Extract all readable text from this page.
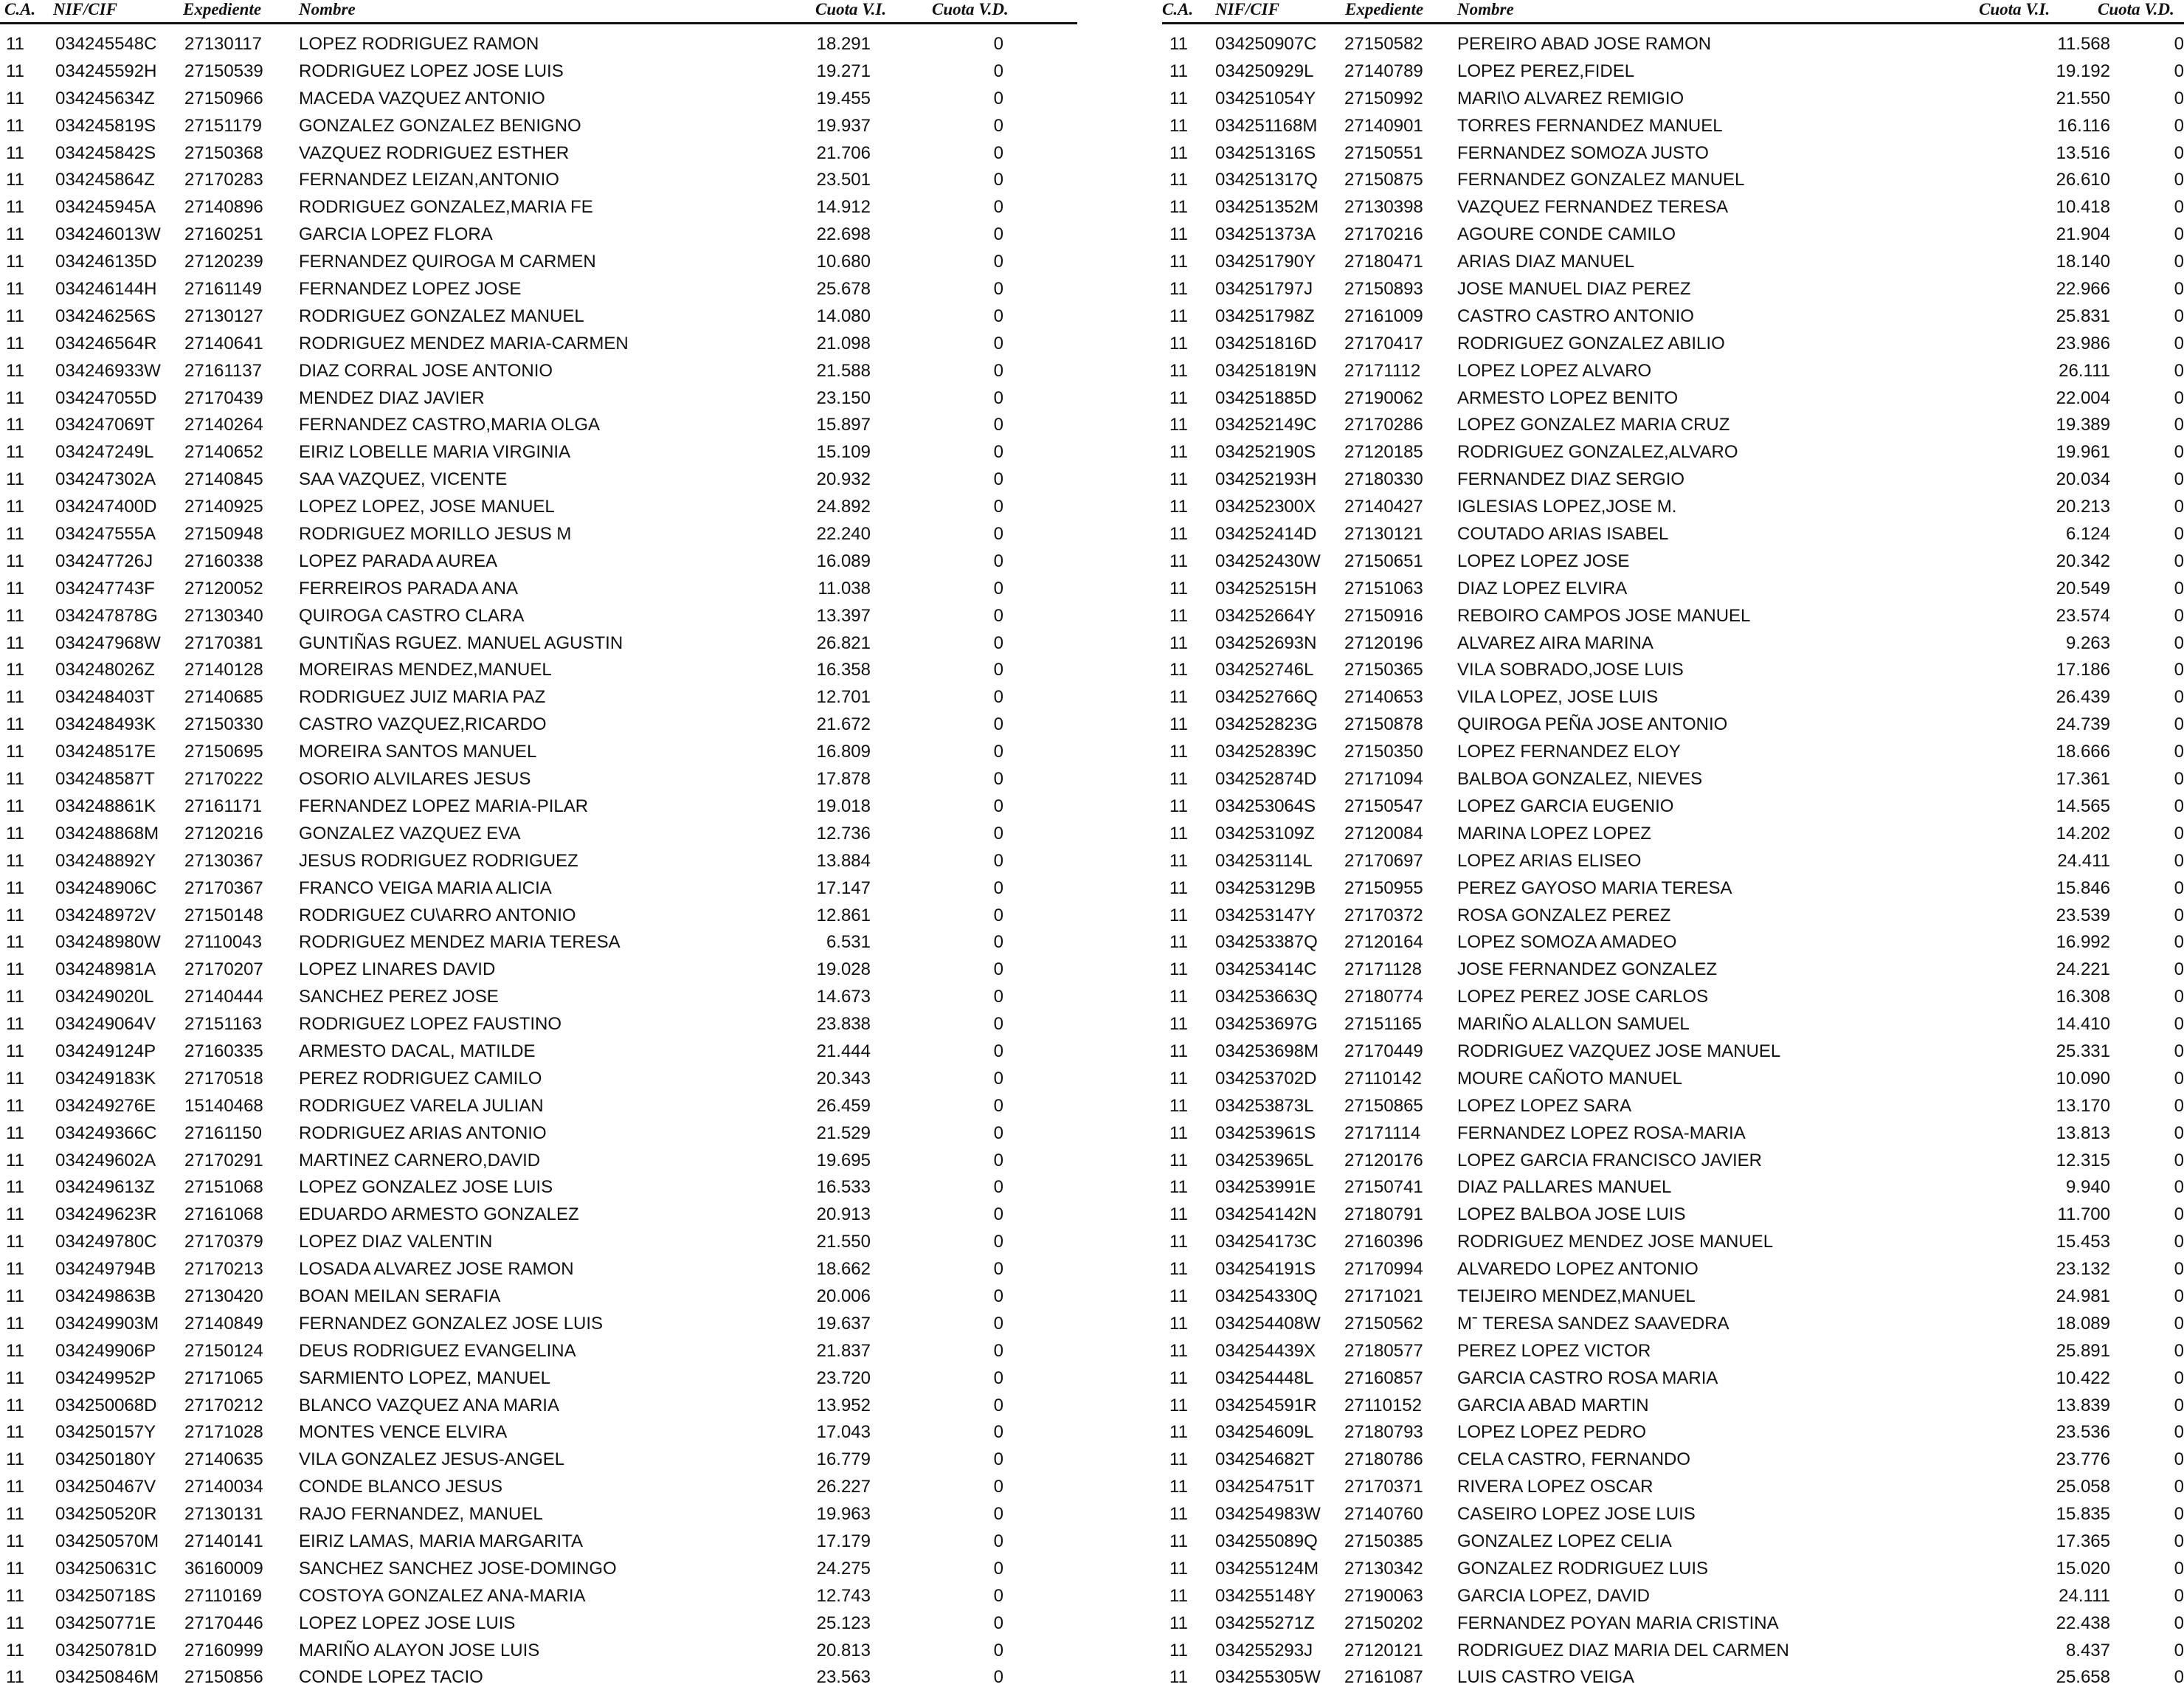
C.A. NIF/CIF	Expediente Nombre	Cuota V.I.	Cuota V.D.
11 034245548C 27130117 LOPEZ RODRIGUEZ RAMON	18.291	0
11 034245592H 27150539 RODRIGUEZ LOPEZ JOSE LUIS	19.271	0
11 034245634Z 27150966 MACEDA VAZQUEZ ANTONIO	19.455	0
11 034245819S 27151179 GONZALEZ GONZALEZ BENIGNO	19.937	0
11 034245842S 27150368 VAZQUEZ RODRIGUEZ ESTHER	21.706	0
11 034245864Z 27170283 FERNANDEZ LEIZAN,ANTONIO	23.501	0
11 034245945A 27140896 RODRIGUEZ GONZALEZ,MARIA FE	14.912	0
11 034246013W 27160251 GARCIA LOPEZ FLORA	22.698	0
11 034246135D 27120239 FERNANDEZ QUIROGA M CARMEN	10.680	0
11 034246144H 27161149 FERNANDEZ LOPEZ JOSE	25.678	0
11 034246256S 27130127 RODRIGUEZ GONZALEZ MANUEL	14.080	0
11 034246564R 27140641 RODRIGUEZ MENDEZ MARIA-CARMEN	21.098	0
11 034246933W 27161137 DIAZ CORRAL JOSE ANTONIO	21.588	0
11 034247055D 27170439 MENDEZ DIAZ JAVIER	23.150	0
11 034247069T 27140264 FERNANDEZ CASTRO,MARIA OLGA	15.897	0
11 034247249L 27140652 EIRIZ LOBELLE MARIA VIRGINIA	15.109	0
11 034247302A 27140845 SAA VAZQUEZ, VICENTE	20.932	0
11 034247400D 27140925 LOPEZ LOPEZ, JOSE MANUEL	24.892	0
11 034247555A 27150948 RODRIGUEZ MORILLO JESUS M	22.240	0
11 034247726J 27160338 LOPEZ PARADA AUREA	16.089	0
11 034247743F 27120052 FERREIROS PARADA ANA	11.038	0
11 034247878G 27130340 QUIROGA CASTRO CLARA	13.397	0
11 034247968W 27170381 GUNTIÑAS RGUEZ. MANUEL AGUSTIN	26.821	0
11 034248026Z 27140128 MOREIRAS MENDEZ,MANUEL	16.358	0
11 034248403T 27140685 RODRIGUEZ JUIZ MARIA PAZ	12.701	0
11 034248493K 27150330 CASTRO VAZQUEZ,RICARDO	21.672	0
11 034248517E 27150695 MOREIRA SANTOS MANUEL	16.809	0
11 034248587T 27170222 OSORIO ALVILARES JESUS	17.878	0
11 034248861K 27161171 FERNANDEZ LOPEZ MARIA-PILAR	19.018	0
11 034248868M 27120216 GONZALEZ VAZQUEZ EVA	12.736	0
11 034248892Y 27130367 JESUS RODRIGUEZ RODRIGUEZ	13.884	0
11 034248906C 27170367 FRANCO VEIGA MARIA ALICIA	17.147	0
11 034248972V 27150148 RODRIGUEZ CU\ARRO ANTONIO	12.861	0
11 034248980W 27110043 RODRIGUEZ MENDEZ MARIA TERESA	6.531	0
11 034248981A 27170207 LOPEZ LINARES DAVID	19.028	0
11 034249020L 27140444 SANCHEZ PEREZ JOSE	14.673	0
11 034249064V 27151163 RODRIGUEZ LOPEZ FAUSTINO	23.838	0
11 034249124P 27160335 ARMESTO DACAL, MATILDE	21.444	0
11 034249183K 27170518 PEREZ RODRIGUEZ CAMILO	20.343	0
11 034249276E 15140468 RODRIGUEZ VARELA JULIAN	26.459	0
11 034249366C 27161150 RODRIGUEZ ARIAS ANTONIO	21.529	0
11 034249602A 27170291 MARTINEZ CARNERO,DAVID	19.695	0
11 034249613Z 27151068 LOPEZ GONZALEZ JOSE LUIS	16.533	0
11 034249623R 27161068 EDUARDO ARMESTO GONZALEZ	20.913	0
11 034249780C 27170379 LOPEZ DIAZ VALENTIN	21.550	0
11 034249794B 27170213 LOSADA ALVAREZ JOSE RAMON	18.662	0
11 034249863B 27130420 BOAN MEILAN SERAFIA	20.006	0
11 034249903M 27140849 FERNANDEZ GONZALEZ JOSE LUIS	19.637	0
11 034249906P 27150124 DEUS RODRIGUEZ EVANGELINA	21.837	0
11 034249952P 27171065 SARMIENTO LOPEZ, MANUEL	23.720	0
11 034250068D 27170212 BLANCO VAZQUEZ ANA MARIA	13.952	0
11 034250157Y 27171028 MONTES VENCE ELVIRA	17.043	0
11 034250180Y 27140635 VILA GONZALEZ JESUS-ANGEL	16.779	0
11 034250467V 27140034 CONDE BLANCO JESUS	26.227	0
11 034250520R 27130131 RAJO FERNANDEZ, MANUEL	19.963	0
11 034250570M 27140141 EIRIZ LAMAS, MARIA MARGARITA	17.179	0
11 034250631C 36160009 SANCHEZ SANCHEZ JOSE-DOMINGO	24.275	0
11 034250718S 27110169 COSTOYA GONZALEZ ANA-MARIA	12.743	0
11 034250771E 27170446 LOPEZ LOPEZ JOSE LUIS	25.123	0
11 034250781D 27160999 MARIÑO ALAYON JOSE LUIS	20.813	0
11 034250846M 27150856 CONDE LOPEZ TACIO	23.563	0
C.A. NIF/CIF	Expediente Nombre	Cuota V.I.	Cuota V.D.
11 034250907C 27150582 PEREIRO ABAD JOSE RAMON	11.568	0
11 034250929L 27140789 LOPEZ PEREZ,FIDEL	19.192	0
11 034251054Y 27150992 MARI\O ALVAREZ REMIGIO	21.550	0
11 034251168M 27140901 TORRES FERNANDEZ MANUEL	16.116	0
11 034251316S 27150551 FERNANDEZ SOMOZA JUSTO	13.516	0
11 034251317Q 27150875 FERNANDEZ GONZALEZ MANUEL	26.610	0
11 034251352M 27130398 VAZQUEZ FERNANDEZ TERESA	10.418	0
11 034251373A 27170216 AGOURE CONDE CAMILO	21.904	0
11 034251790Y 27180471 ARIAS DIAZ MANUEL	18.140	0
11 034251797J 27150893 JOSE MANUEL DIAZ PEREZ	22.966	0
11 034251798Z 27161009 CASTRO CASTRO ANTONIO	25.831	0
11 034251816D 27170417 RODRIGUEZ GONZALEZ ABILIO	23.986	0
11 034251819N 27171112 LOPEZ LOPEZ ALVARO	26.111	0
11 034251885D 27190062 ARMESTO LOPEZ BENITO	22.004	0
11 034252149C 27170286 LOPEZ GONZALEZ MARIA CRUZ	19.389	0
11 034252190S 27120185 RODRIGUEZ GONZALEZ,ALVARO	19.961	0
11 034252193H 27180330 FERNANDEZ DIAZ SERGIO	20.034	0
11 034252300X 27140427 IGLESIAS LOPEZ,JOSE M.	20.213	0
11 034252414D 27130121 COUTADO ARIAS ISABEL	6.124	0
11 034252430W 27150651 LOPEZ LOPEZ JOSE	20.342	0
11 034252515H 27151063 DIAZ LOPEZ ELVIRA	20.549	0
11 034252664Y 27150916 REBOIRO CAMPOS JOSE MANUEL	23.574	0
11 034252693N 27120196 ALVAREZ AIRA MARINA	9.263	0
11 034252746L 27150365 VILA SOBRADO,JOSE LUIS	17.186	0
11 034252766Q 27140653 VILA LOPEZ, JOSE LUIS	26.439	0
11 034252823G 27150878 QUIROGA PEÑA JOSE ANTONIO	24.739	0
11 034252839C 27150350 LOPEZ FERNANDEZ ELOY	18.666	0
11 034252874D 27171094 BALBOA GONZALEZ, NIEVES	17.361	0
11 034253064S 27150547 LOPEZ GARCIA EUGENIO	14.565	0
11 034253109Z 27120084 MARINA LOPEZ LOPEZ	14.202	0
11 034253114L 27170697 LOPEZ ARIAS ELISEO	24.411	0
11 034253129B 27150955 PEREZ GAYOSO MARIA TERESA	15.846	0
11 034253147Y 27170372 ROSA GONZALEZ PEREZ	23.539	0
11 034253387Q 27120164 LOPEZ SOMOZA AMADEO	16.992	0
11 034253414C 27171128 JOSE FERNANDEZ GONZALEZ	24.221	0
11 034253663Q 27180774 LOPEZ PEREZ JOSE CARLOS	16.308	0
11 034253697G 27151165 MARIÑO ALALLON SAMUEL	14.410	0
11 034253698M 27170449 RODRIGUEZ VAZQUEZ JOSE MANUEL	25.331	0
11 034253702D 27110142 MOURE CAÑOTO MANUEL	10.090	0
11 034253873L 27150865 LOPEZ LOPEZ SARA	13.170	0
11 034253961S 27171114 FERNANDEZ LOPEZ ROSA-MARIA	13.813	0
11 034253965L 27120176 LOPEZ GARCIA FRANCISCO JAVIER	12.315	0
11 034253991E 27150741 DIAZ PALLARES MANUEL	9.940	0
11 034254142N 27180791 LOPEZ BALBOA JOSE LUIS	11.700	0
11 034254173C 27160396 RODRIGUEZ MENDEZ JOSE MANUEL	15.453	0
11 034254191S 27170994 ALVAREDO LOPEZ ANTONIO	23.132	0
11 034254330Q 27171021 TEIJEIRO MENDEZ,MANUEL	24.981	0
11 034254408W 27150562 Mˉ TERESA SANDEZ SAAVEDRA	18.089	0
11 034254439X 27180577 PEREZ LOPEZ VICTOR	25.891	0
11 034254448L 27160857 GARCIA CASTRO ROSA MARIA	10.422	0
11 034254591R 27110152 GARCIA ABAD MARTIN	13.839	0
11 034254609L 27180793 LOPEZ LOPEZ PEDRO	23.536	0
11 034254682T 27180786 CELA CASTRO, FERNANDO	23.776	0
11 034254751T 27170371 RIVERA LOPEZ OSCAR	25.058	0
11 034254983W 27140760 CASEIRO LOPEZ JOSE LUIS	15.835	0
11 034255089Q 27150385 GONZALEZ LOPEZ CELIA	17.365	0
11 034255124M 27130342 GONZALEZ RODRIGUEZ LUIS	15.020	0
11 034255148Y 27190063 GARCIA LOPEZ, DAVID	24.111	0
11 034255271Z 27150202 FERNANDEZ POYAN MARIA CRISTINA	22.438	0
11 034255293J 27120121 RODRIGUEZ DIAZ MARIA DEL CARMEN	8.437	0
11 034255305W 27161087 LUIS CASTRO VEIGA	25.658	0
